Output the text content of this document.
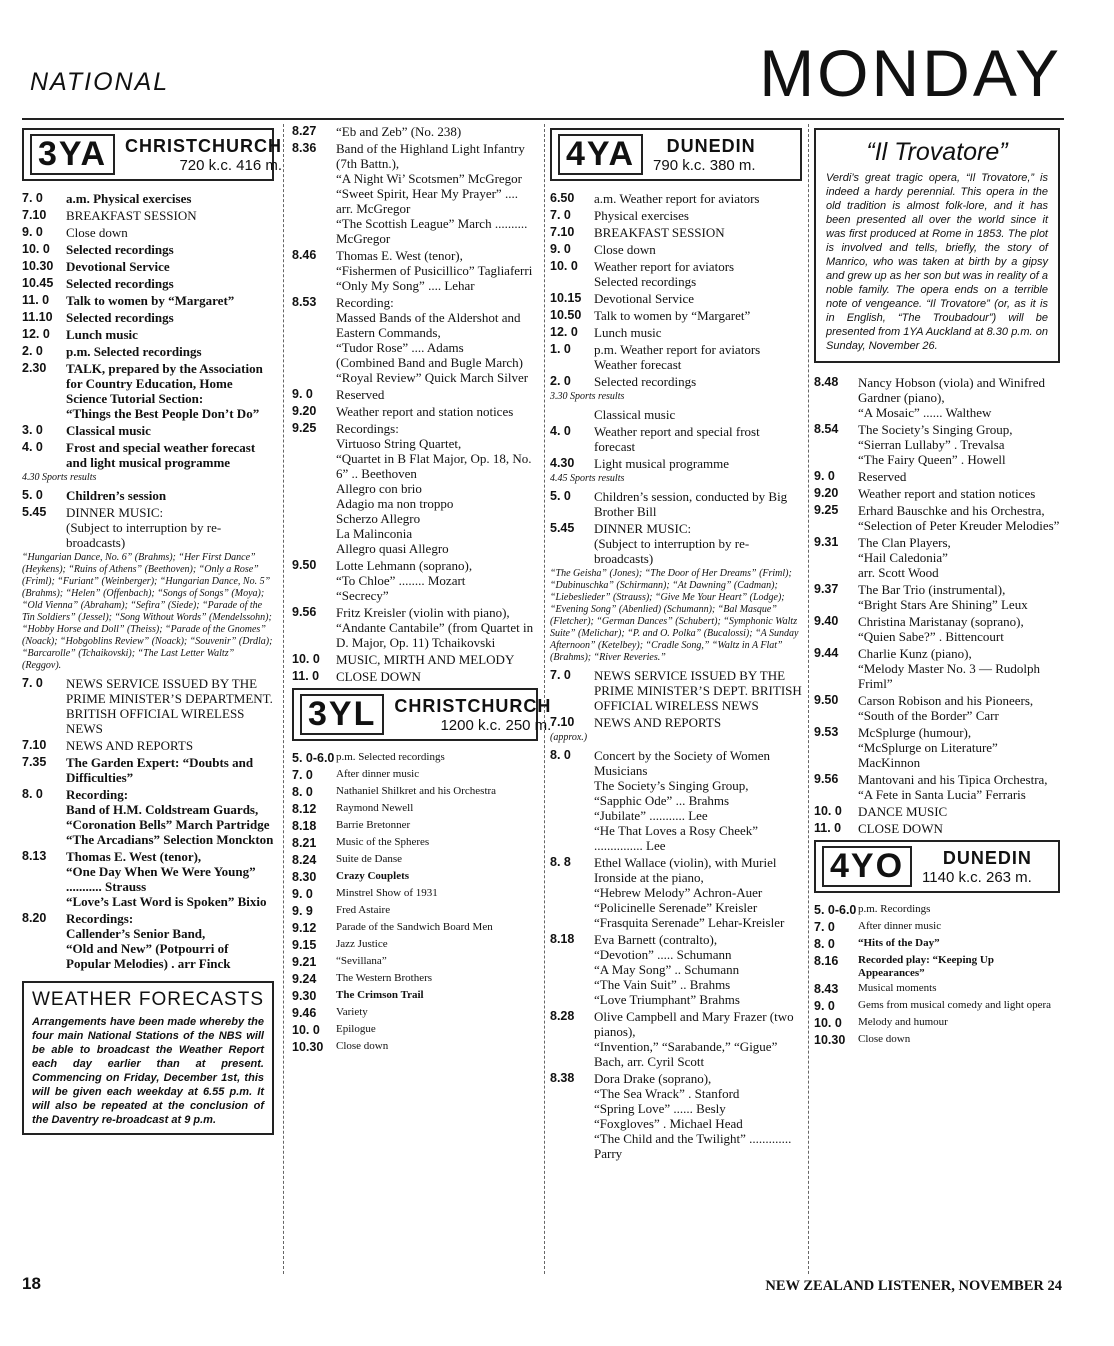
NATIONAL	MONDAY
3YA	CHRISTCHURCH
720 k.c. 416 m.
7. 0	a.m. Physical exercises
7.10	BREAKFAST SESSION
9. 0	Close down
10. 0	Selected recordings
10.30 Devotional Service
10.45 Selected recordings
11. 0	Talk to women by “Margaret”
11.10	Selected recordings
12. 0	Lunch music
2. 0	p.m. Selected recordings
2.30	TALK, prepared by the Association for Country Education, Home Science Tutorial Section:
“Things the Best People Don’t Do”
3. 0	Classical music
4. 0	Frost and special weather forecast and light musical programme
4.30 Sports results
5. 0	Children’s session
5.45	DINNER MUSIC:
(Subject to interruption by re-broadcasts)
“Hungarian Dance, No. 6” (Brahms); “Her First Dance” (Heykens); “Ruins of Athens” (Beethoven); “Only a Rose” (Friml); “Furiant” (Weinberger); “Hungarian Dance, No. 5” (Brahms); “Helen” (Offenbach); “Songs of Songs” (Moya); “Old Vienna” (Abraham); “Sefira” (Siede); “Parade of the Tin Soldiers” (Jessel); “Song Without Words” (Mendelssohn); “Hobby Horse and Doll” (Theiss); “Parade of the Gnomes” (Noack); “Hobgoblins Review” (Noack); “Souvenir” (Drdla); “Barcarolle” (Tchaikovski); “The Last Letter Waltz” (Reggov).
7. 0	NEWS SERVICE ISSUED BY THE PRIME MINISTER’S DEPARTMENT. BRITISH OFFICIAL WIRELESS NEWS
7.10	NEWS AND REPORTS
7.35	The Garden Expert: “Doubts and Difficulties”
8. 0	Recording:
Band of H.M. Coldstream Guards,
“Coronation Bells” March Partridge
“The Arcadians” Selection Monckton
8.13	Thomas E. West (tenor),
“One Day When We Were Young” ........... Strauss
“Love’s Last Word is Spoken” Bixio
8.20	Recordings:
Callender’s Senior Band,
“Old and New” (Potpourri of Popular Melodies) . arr Finck
WEATHER FORECASTS
Arrangements have been made whereby the four main National Stations of the NBS will be able to broadcast the Weather Report each day earlier than at present. Commencing on Friday, December 1st, this will be given each weekday at 6.55 p.m. It will also be repeated at the conclusion of the Daventry re-broadcast at 9 p.m.
8.27	“Eb and Zeb” (No. 238)
8.36	Band of the Highland Light Infantry (7th Battn.),
“A Night Wi’ Scotsmen” McGregor
“Sweet Spirit, Hear My Prayer” .... arr. McGregor
“The Scottish League” March .......... McGregor
8.46	Thomas E. West (tenor),
“Fishermen of Pusicillico” Tagliaferri
“Only My Song” .... Lehar
8.53	Recording:
Massed Bands of the Aldershot and Eastern Commands,
“Tudor Rose” .... Adams
(Combined Band and Bugle March)
“Royal Review” Quick March Silver
9. 0	Reserved
9.20	Weather report and station notices
9.25	Recordings:
Virtuoso String Quartet,
“Quartet in B Flat Major, Op. 18, No. 6” .. Beethoven
Allegro con brio
Adagio ma non troppo
Scherzo Allegro
La Malinconia
Allegro quasi Allegro
9.50	Lotte Lehmann (soprano),
“To Chloe” ........ Mozart
“Secrecy”
9.56	Fritz Kreisler (violin with piano),
“Andante Cantabile” (from Quartet in D. Major, Op. 11) Tchaikovski
10. 0	MUSIC, MIRTH AND MELODY
11. 0	CLOSE DOWN
3YL	CHRISTCHURCH
1200 k.c. 250 m.
5. 0-6.0 p.m. Selected recordings
7. 0	After dinner music
8. 0	Nathaniel Shilkret and his Orchestra
8.12	Raymond Newell
8.18	Barrie Bretonner
8.21	Music of the Spheres
8.24	Suite de Danse
8.30	Crazy Couplets
9. 0	Minstrel Show of 1931
9. 9	Fred Astaire
9.12	Parade of the Sandwich Board Men
9.15	Jazz Justice
9.21	“Sevillana”
9.24	The Western Brothers
9.30	The Crimson Trail
9.46	Variety
10. 0	Epilogue
10.30	Close down
4YA	DUNEDIN
790 k.c. 380 m.
6.50	a.m. Weather report for aviators
7. 0	Physical exercises
7.10	BREAKFAST SESSION
9. 0	Close down
10. 0	Weather report for aviators
Selected recordings
10.15 Devotional Service
10.50 Talk to women by “Margaret”
12. 0	Lunch music
1. 0	p.m. Weather report for aviators
Weather forecast
2. 0	Selected recordings
3.30 Sports results
Classical music
4. 0	Weather report and special frost forecast
4.30	Light musical programme
4.45 Sports results
5. 0	Children’s session, conducted by Big Brother Bill
5.45	DINNER MUSIC:
(Subject to interruption by re-broadcasts)
“The Geisha” (Jones); “The Door of Her Dreams” (Friml); “Dubinuschka” (Schirmann); “At Dawning” (Cadman); “Liebeslieder” (Strauss); “Give Me Your Heart” (Lodge); “Evening Song” (Abenlied) (Schumann); “Bal Masque” (Fletcher); “German Dances” (Schubert); “Symphonic Waltz Suite” (Melichar); “P. and O. Polka” (Bucalossi); “A Sunday Afternoon” (Ketelbey); “Cradle Song,” “Waltz in A Flat” (Brahms); “River Reveries.”
7. 0	NEWS SERVICE ISSUED BY THE PRIME MINISTER’S DEPT. BRITISH OFFICIAL WIRELESS NEWS
7.10	NEWS AND REPORTS
(approx.)
8. 0	Concert by the Society of Women Musicians
The Society’s Singing Group,
“Sapphic Ode” ... Brahms
“Jubilate” ........... Lee
“He That Loves a Rosy Cheek” ............... Lee
8. 8	Ethel Wallace (violin), with Muriel Ironside at the piano,
“Hebrew Melody” Achron-Auer
“Policinelle Serenade” Kreisler
“Frasquita Serenade” Lehar-Kreisler
8.18	Eva Barnett (contralto),
“Devotion” ..... Schumann
“A May Song” .. Schumann
“The Vain Suit” .. Brahms
“Love Triumphant” Brahms
8.28	Olive Campbell and Mary Frazer (two pianos),
“Invention,” “Sarabande,” “Gigue”
Bach, arr. Cyril Scott
8.38	Dora Drake (soprano),
“The Sea Wrack” . Stanford
“Spring Love” ...... Besly
“Foxgloves” . Michael Head
“The Child and the Twilight” ............. Parry
“Il Trovatore”
Verdi’s great tragic opera, “Il Trovatore,” is indeed a hardy perennial. This opera in the old tradition is almost folk-lore, and it has been presented all over the world since it was first produced at Rome in 1853. The plot is involved and tells, briefly, the story of Manrico, who was taken at birth by a gipsy and grew up as her son but was in reality of a noble family. The opera ends on a terrible note of vengeance. “Il Trovatore” (or, as it is in English, “The Troubadour”) will be presented from 1YA Auckland at 8.30 p.m. on Sunday, November 26.
8.48	Nancy Hobson (viola) and Winifred Gardner (piano),
“A Mosaic” ...... Walthew
8.54	The Society’s Singing Group,
“Sierran Lullaby” . Trevalsa
“The Fairy Queen” . Howell
9. 0	Reserved
9.20	Weather report and station notices
9.25	Erhard Bauschke and his Orchestra,
“Selection of Peter Kreuder Melodies”
9.31	The Clan Players,
“Hail Caledonia”
arr. Scott Wood
9.37	The Bar Trio (instrumental),
“Bright Stars Are Shining” Leux
9.40	Christina Maristanay (soprano),
“Quien Sabe?” . Bittencourt
9.44	Charlie Kunz (piano),
“Melody Master No. 3 — Rudolph Friml”
9.50	Carson Robison and his Pioneers,
“South of the Border” Carr
9.53	McSplurge (humour),
“McSplurge on Literature” MacKinnon
9.56	Mantovani and his Tipica Orchestra,
“A Fete in Santa Lucia” Ferraris
10. 0	DANCE MUSIC
11. 0	CLOSE DOWN
4YO	DUNEDIN
1140 k.c. 263 m.
5. 0-6.0 p.m. Recordings
7. 0	After dinner music
8. 0	“Hits of the Day”
8.16	Recorded play: “Keeping Up Appearances”
8.43	Musical moments
9. 0	Gems from musical comedy and light opera
10. 0	Melody and humour
10.30	Close down
18	NEW ZEALAND LISTENER, NOVEMBER 24
